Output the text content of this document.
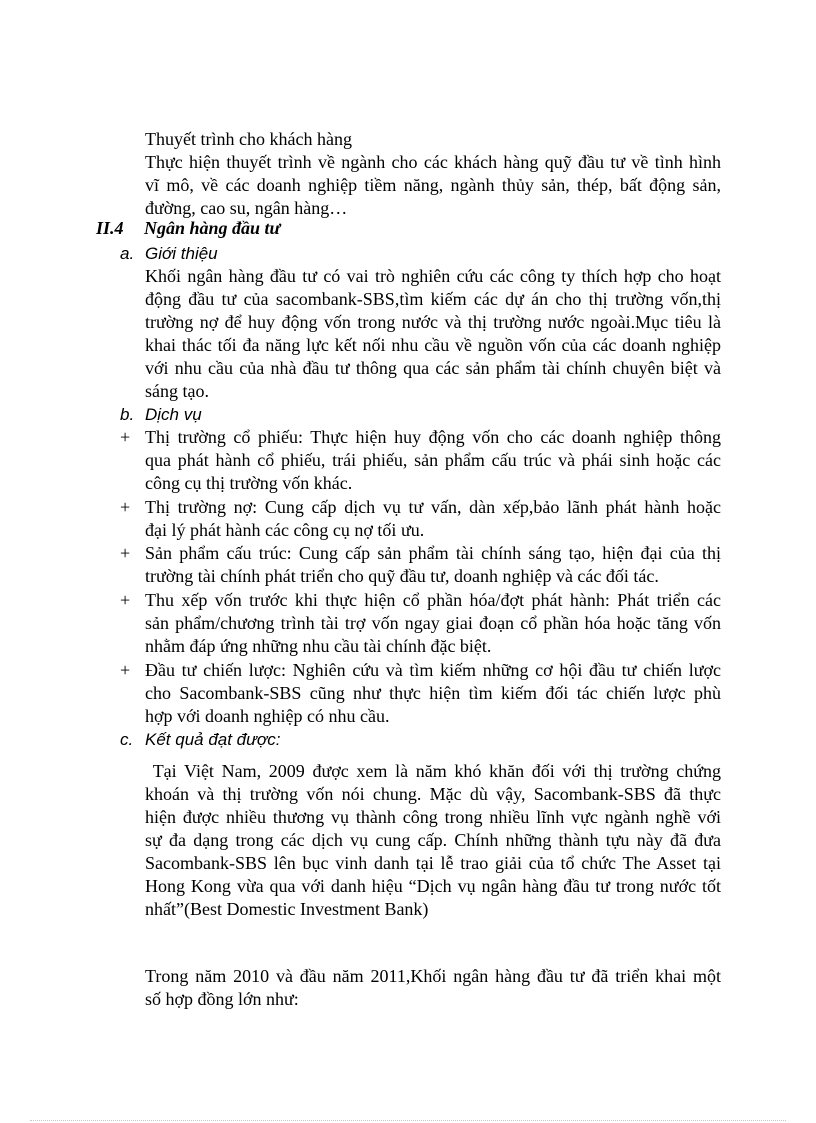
Thuyết trình cho khách hàng
Thực hiện thuyết trình về ngành cho các khách hàng quỹ đầu tư về tình hình
vĩ mô, về các doanh nghiệp tiềm năng, ngành thủy sản, thép, bất động sản,
đường, cao su, ngân hàng…
II.4 Ngân hàng đầu tư
a. Giới thiệu
Khối ngân hàng đầu tư có vai trò nghiên cứu các công ty thích hợp cho hoạt
động đầu tư của sacombank-SBS,tìm kiếm các dự án cho thị trường vốn,thị
trường nợ để huy động vốn trong nước và thị trường nước ngoài.Mục tiêu là
khai thác tối đa năng lực kết nối nhu cầu về nguồn vốn của các doanh nghiệp
với nhu cầu của nhà đầu tư thông qua các sản phẩm tài chính chuyên biệt và
sáng tạo.
b. Dịch vụ
+ Thị trường cổ phiếu: Thực hiện huy động vốn cho các doanh nghiệp thông
qua phát hành cổ phiếu, trái phiếu, sản phẩm cấu trúc và phái sinh hoặc các
công cụ thị trường vốn khác.
+ Thị trường nợ: Cung cấp dịch vụ tư vấn, dàn xếp,bảo lãnh phát hành hoặc
đại lý phát hành các công cụ nợ tối ưu.
+ Sản phẩm cấu trúc: Cung cấp sản phẩm tài chính sáng tạo, hiện đại của thị
trường tài chính phát triển cho quỹ đầu tư, doanh nghiệp và các đối tác.
+ Thu xếp vốn trước khi thực hiện cổ phần hóa/đợt phát hành: Phát triển các
sản phẩm/chương trình tài trợ vốn ngay giai đoạn cổ phần hóa hoặc tăng vốn
nhằm đáp ứng những nhu cầu tài chính đặc biệt.
+ Đầu tư chiến lược: Nghiên cứu và tìm kiếm những cơ hội đầu tư chiến lược
cho Sacombank-SBS cũng như thực hiện tìm kiếm đối tác chiến lược phù
hợp với doanh nghiệp có nhu cầu.
c. Kết quả đạt được:
Tại Việt Nam, 2009 được xem là năm khó khăn đối với thị trường chứng
khoán và thị trường vốn nói chung. Mặc dù vậy, Sacombank-SBS đã thực
hiện được nhiều thương vụ thành công trong nhiều lĩnh vực ngành nghề với
sự đa dạng trong các dịch vụ cung cấp. Chính những thành tựu này đã đưa
Sacombank-SBS lên bục vinh danh tại lễ trao giải của tổ chức The Asset tại
Hong Kong vừa qua với danh hiệu “Dịch vụ ngân hàng đầu tư trong nước tốt
nhất”(Best Domestic Investment Bank)
Trong năm 2010 và đầu năm 2011,Khối ngân hàng đầu tư đã triển khai một
số hợp đồng lớn như:
